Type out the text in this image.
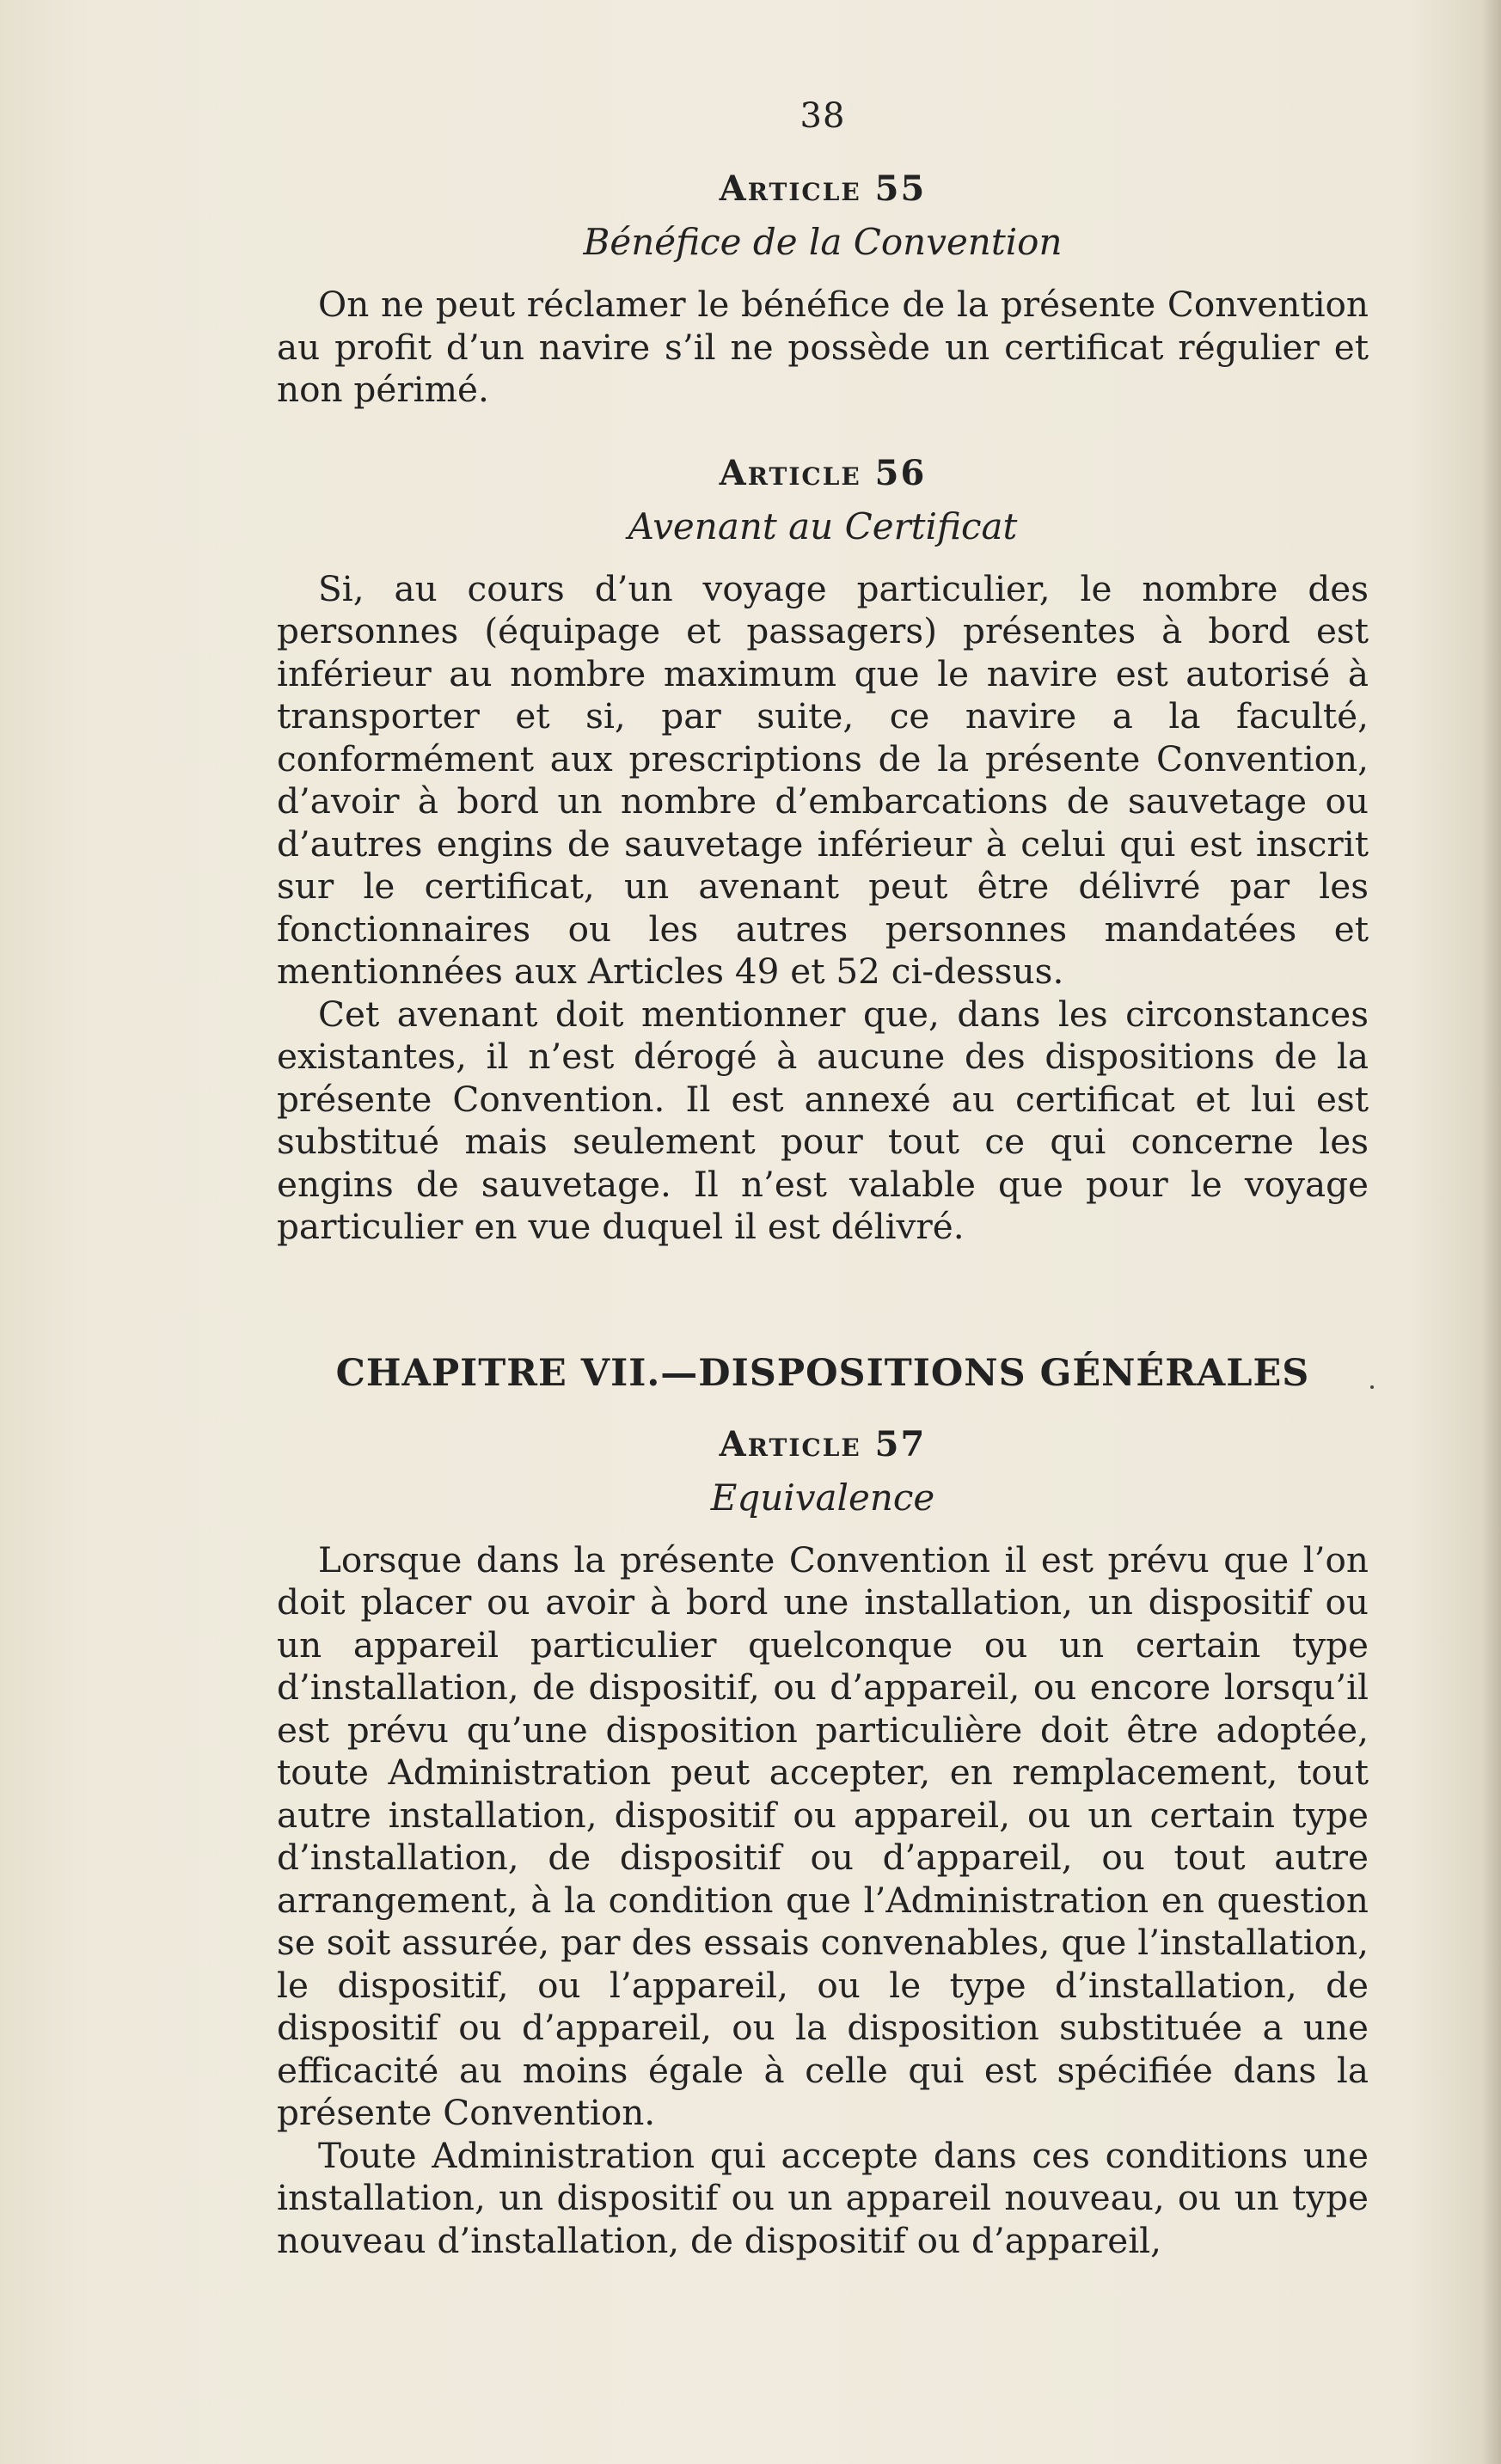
38
Article 55
Bénéfice de la Convention

On ne peut réclamer le bénéfice de la présente Convention au profit d’un navire s’il ne possède un certificat régulier et non périmé.

Article 56
Avenant au Certificat

Si, au cours d’un voyage particulier, le nombre des personnes (équipage et passagers) présentes à bord est inférieur au nombre maximum que le navire est autorisé à transporter et si, par suite, ce navire a la faculté, conformément aux prescriptions de la présente Convention, d’avoir à bord un nombre d’embarcations de sauvetage ou d’autres engins de sauvetage inférieur à celui qui est inscrit sur le certificat, un avenant peut être délivré par les fonctionnaires ou les autres personnes mandatées et mentionnées aux Articles 49 et 52 ci-dessus.

Cet avenant doit mentionner que, dans les circonstances existantes, il n’est dérogé à aucune des dispositions de la présente Convention. Il est annexé au certificat et lui est substitué mais seulement pour tout ce qui concerne les engins de sauvetage. Il n’est valable que pour le voyage particulier en vue duquel il est délivré.

CHAPITRE VII.—DISPOSITIONS GÉNÉRALES
Article 57
Equivalence

Lorsque dans la présente Convention il est prévu que l’on doit placer ou avoir à bord une installation, un dispositif ou un appareil particulier quelconque ou un certain type d’installation, de dispositif, ou d’appareil, ou encore lorsqu’il est prévu qu’une disposition particulière doit être adoptée, toute Administration peut accepter, en remplacement, tout autre installation, dispositif ou appareil, ou un certain type d’installation, de dispositif ou d’appareil, ou tout autre arrangement, à la condition que l’Administration en question se soit assurée, par des essais convenables, que l’installation, le dispositif, ou l’appareil, ou le type d’installation, de dispositif ou d’appareil, ou la disposition substituée a une efficacité au moins égale à celle qui est spécifiée dans la présente Convention.

Toute Administration qui accepte dans ces conditions une installation, un dispositif ou un appareil nouveau, ou un type nouveau d’installation, de dispositif ou d’appareil,
